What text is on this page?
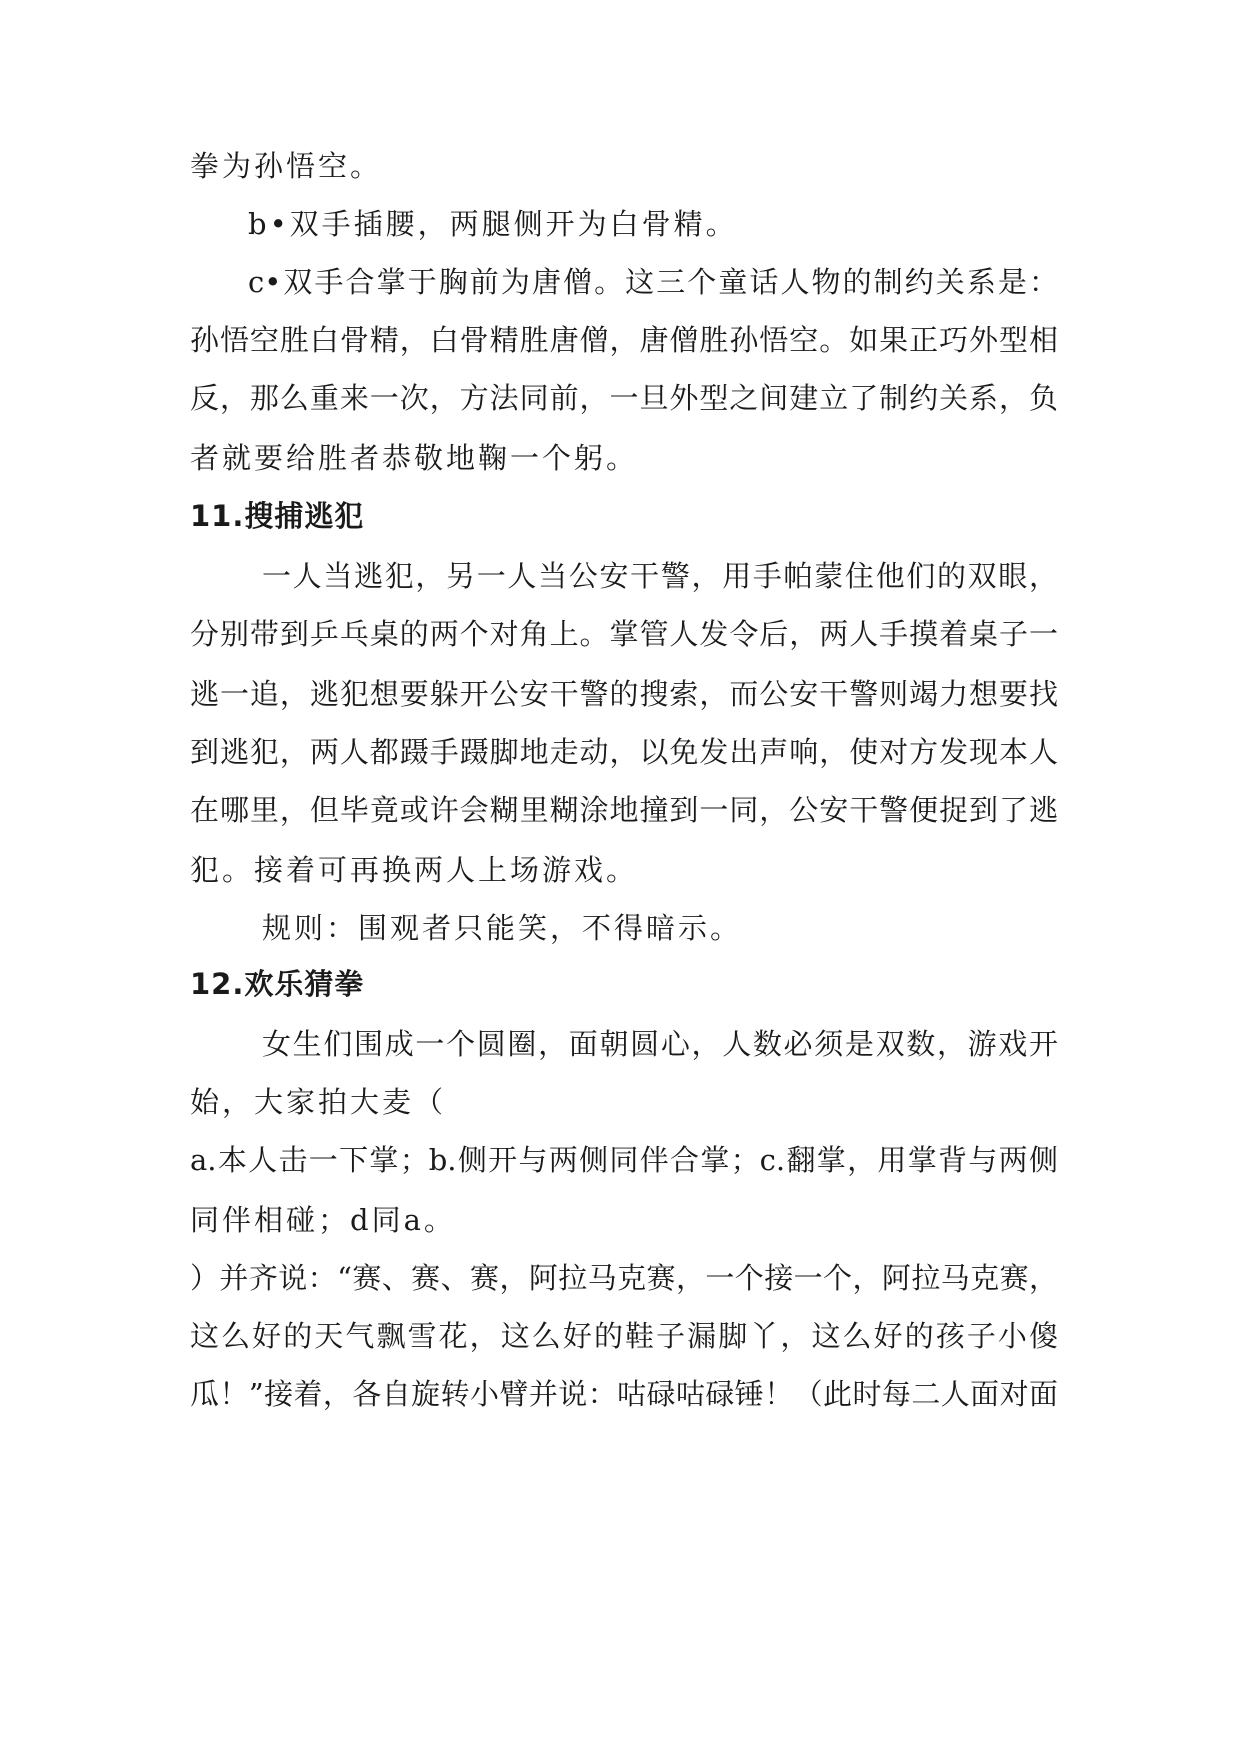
拳为孙悟空。
b•双手插腰，两腿侧开为白骨精。
c•双手合掌于胸前为唐僧。这三个童话人物的制约关系是：
孙悟空胜白骨精，白骨精胜唐僧，唐僧胜孙悟空。如果正巧外型相
反，那么重来一次，方法同前，一旦外型之间建立了制约关系，负
者就要给胜者恭敬地鞠一个躬。
11.搜捕逃犯
一人当逃犯，另一人当公安干警，用手帕蒙住他们的双眼，
分别带到乒乓桌的两个对角上。掌管人发令后，两人手摸着桌子一
逃一追，逃犯想要躲开公安干警的搜索，而公安干警则竭力想要找
到逃犯，两人都蹑手蹑脚地走动，以免发出声响，使对方发现本人
在哪里，但毕竟或许会糊里糊涂地撞到一同，公安干警便捉到了逃
犯。接着可再换两人上场游戏。
规则：围观者只能笑，不得暗示。
12.欢乐猜拳
女生们围成一个圆圈，面朝圆心，人数必须是双数，游戏开
始，大家拍大麦（
a.本人击一下掌；b.侧开与两侧同伴合掌；c.翻掌，用掌背与两侧
同伴相碰；d同a。
）并齐说：“赛、赛、赛，阿拉马克赛，一个接一个，阿拉马克赛，
这么好的天气飘雪花，这么好的鞋子漏脚丫，这么好的孩子小傻
瓜！”接着，各自旋转小臂并说：咕碌咕碌锤！（此时每二人面对面
